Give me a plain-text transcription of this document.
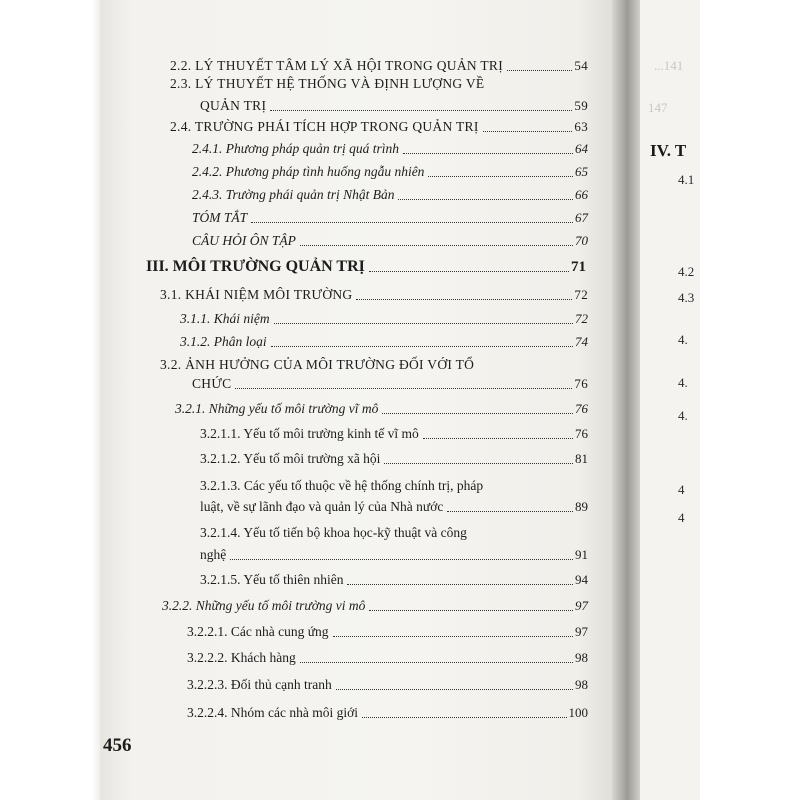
...141
147
IV. T
4.1
4.2
4.3
4.
4.
4.
4
4
2.2. LÝ THUYẾT TÂM LÝ XÃ HỘI TRONG QUẢN TRỊ	54
2.3. LÝ THUYẾT HỆ THỐNG VÀ ĐỊNH LƯỢNG VỀ
QUẢN TRỊ	59
2.4. TRƯỜNG PHÁI TÍCH HỢP TRONG QUẢN TRỊ	63
2.4.1. Phương pháp quản trị quá trình	64
2.4.2. Phương pháp tình huống ngẫu nhiên	65
2.4.3. Trường phái quản trị Nhật Bản	66
TÓM TẮT	67
CÂU HỎI ÔN TẬP	70
III. MÔI TRƯỜNG QUẢN TRỊ	71
3.1. KHÁI NIỆM MÔI TRƯỜNG	72
3.1.1. Khái niệm	72
3.1.2. Phân loại	74
3.2. ẢNH HƯỞNG CỦA MÔI TRƯỜNG ĐỐI VỚI TỔ
CHỨC	76
3.2.1. Những yếu tố môi trường vĩ mô	76
3.2.1.1. Yếu tố môi trường kinh tế vĩ mô	76
3.2.1.2. Yếu tố môi trường xã hội	81
3.2.1.3. Các yếu tố thuộc về hệ thống chính trị, pháp
luật, về sự lãnh đạo và quản lý của Nhà nước	89
3.2.1.4. Yếu tố tiến bộ khoa học-kỹ thuật và công
nghệ	91
3.2.1.5. Yếu tố thiên nhiên	94
3.2.2. Những yếu tố môi trường vi mô	97
3.2.2.1. Các nhà cung ứng	97
3.2.2.2. Khách hàng	98
3.2.2.3. Đối thủ cạnh tranh	98
3.2.2.4. Nhóm các nhà môi giới	100
456
